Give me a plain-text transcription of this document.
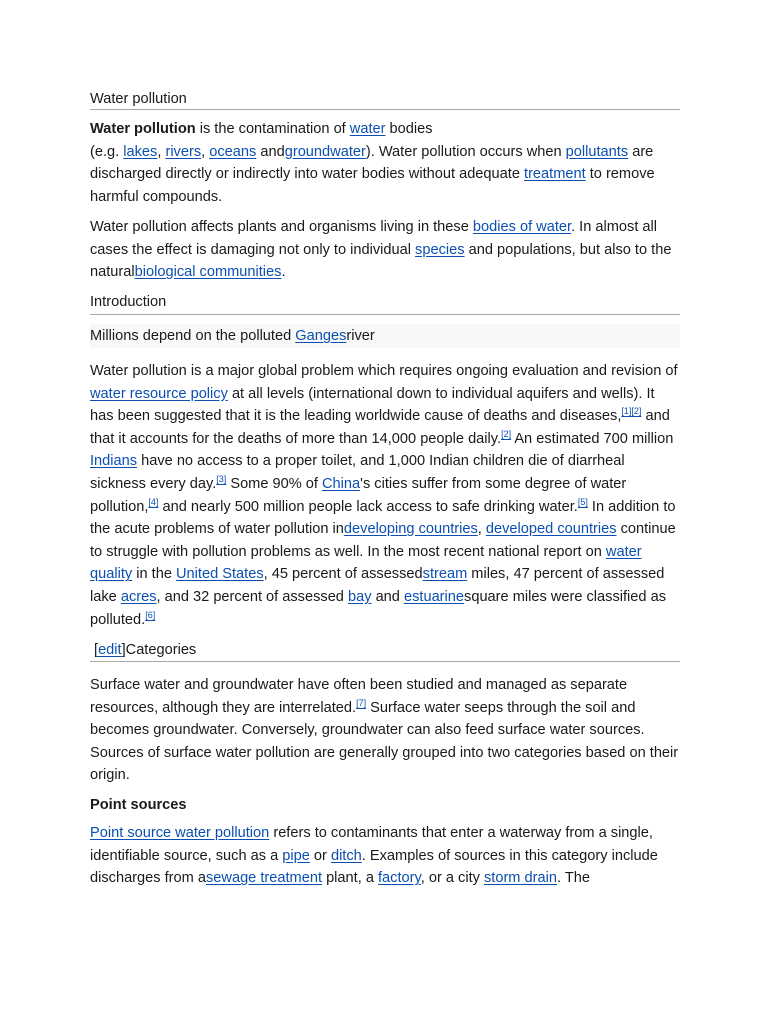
Water pollution

Water pollution is the contamination of water bodies
(e.g. lakes, rivers, oceans andgroundwater). Water pollution occurs when pollutants are discharged directly or indirectly into water bodies without adequate treatment to remove harmful compounds.

Water pollution affects plants and organisms living in these bodies of water. In almost all cases the effect is damaging not only to individual species and populations, but also to the naturalbiological communities.

Introduction
Millions depend on the polluted Gangesriver

Water pollution is a major global problem which requires ongoing evaluation and revision of water resource policy at all levels (international down to individual aquifers and wells). It has been suggested that it is the leading worldwide cause of deaths and diseases,[1][2] and that it accounts for the deaths of more than 14,000 people daily.[2] An estimated 700 million Indians have no access to a proper toilet, and 1,000 Indian children die of diarrheal sickness every day.[3] Some 90% of China's cities suffer from some degree of water pollution,[4] and nearly 500 million people lack access to safe drinking water.[5] In addition to the acute problems of water pollution indeveloping countries, developed countries continue to struggle with pollution problems as well. In the most recent national report on water quality in the United States, 45 percent of assessedstream miles, 47 percent of assessed lake acres, and 32 percent of assessed bay and estuarinesquare miles were classified as polluted.[6]

[edit]Categories

Surface water and groundwater have often been studied and managed as separate resources, although they are interrelated.[7] Surface water seeps through the soil and becomes groundwater. Conversely, groundwater can also feed surface water sources. Sources of surface water pollution are generally grouped into two categories based on their origin.

Point sources

Point source water pollution refers to contaminants that enter a waterway from a single, identifiable source, such as a pipe or ditch. Examples of sources in this category include discharges from asewage treatment plant, a factory, or a city storm drain. The
